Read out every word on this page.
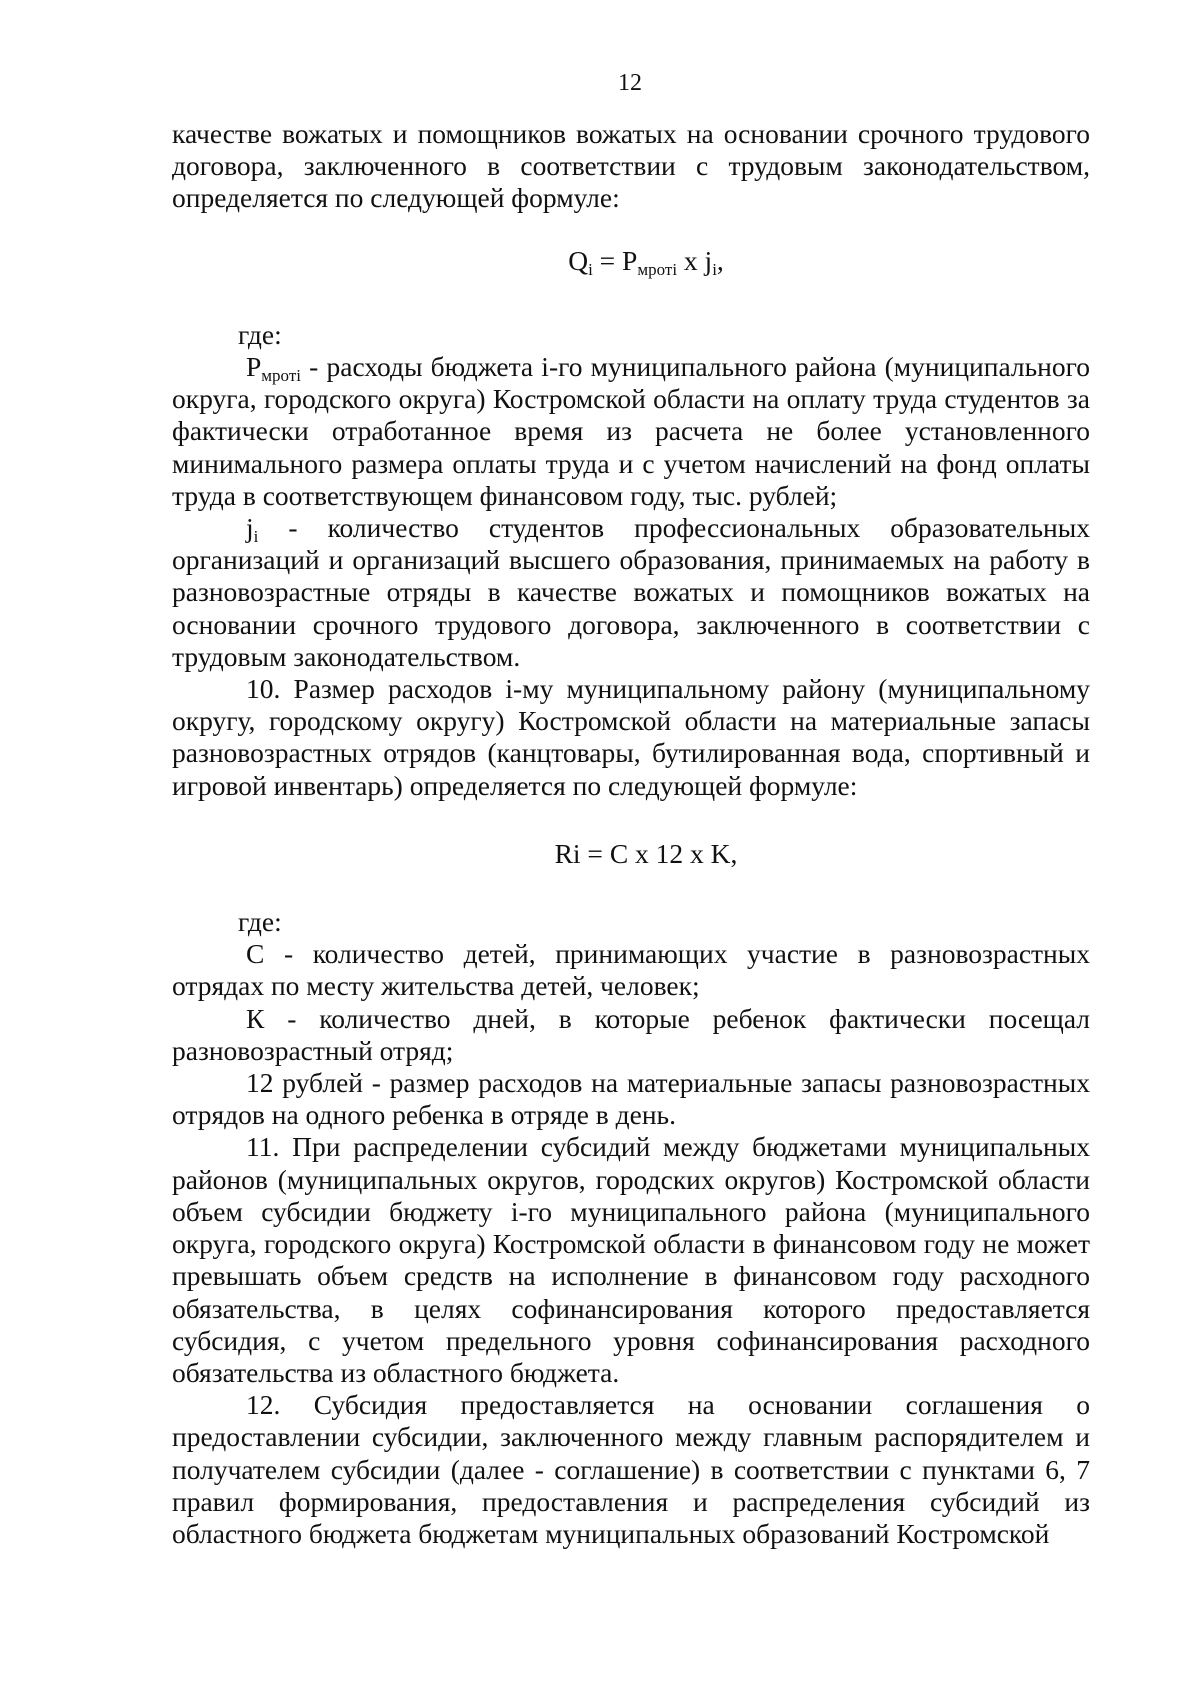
12

качестве вожатых и помощников вожатых на основании срочного трудового договора, заключенного в соответствии с трудовым законодательством, определяется по следующей формуле:

$Q_i = P_{мроті}$ x $j_i$,

где:

$P_{мроті}$ - расходы бюджета і-го муниципального района (муниципального округа, городского округа) Костромской области на оплату труда студентов за фактически отработанное время из расчета не более установленного минимального размера оплаты труда и с учетом начислений на фонд оплаты труда в соответствующем финансовом году, тыс. рублей;

$j_i$ - количество студентов профессиональных образовательных организаций и организаций высшего образования, принимаемых на работу в разновозрастные отряды в качестве вожатых и помощников вожатых на основании срочного трудового договора, заключенного в соответствии с трудовым законодательством.

10. Размер расходов і-му муниципальному району (муниципальному округу, городскому округу) Костромской области на материальные запасы разновозрастных отрядов (канцтовары, бутилированная вода, спортивный и игровой инвентарь) определяется по следующей формуле:

Ri = C x 12 x K,

где:

С - количество детей, принимающих участие в разновозрастных отрядах по месту жительства детей, человек;

К - количество дней, в которые ребенок фактически посещал разновозрастный отряд;

12 рублей - размер расходов на материальные запасы разновозрастных отрядов на одного ребенка в отряде в день.

11. При распределении субсидий между бюджетами муниципальных районов (муниципальных округов, городских округов) Костромской области объем субсидии бюджету і-го муниципального района (муниципального округа, городского округа) Костромской области в финансовом году не может превышать объем средств на исполнение в финансовом году расходного обязательства, в целях софинансирования которого предоставляется субсидия, с учетом предельного уровня софинансирования расходного обязательства из областного бюджета.

12. Субсидия предоставляется на основании соглашения о предоставлении субсидии, заключенного между главным распорядителем и получателем субсидии (далее - соглашение) в соответствии с пунктами 6, 7 правил формирования, предоставления и распределения субсидий из областного бюджета бюджетам муниципальных образований Костромской
